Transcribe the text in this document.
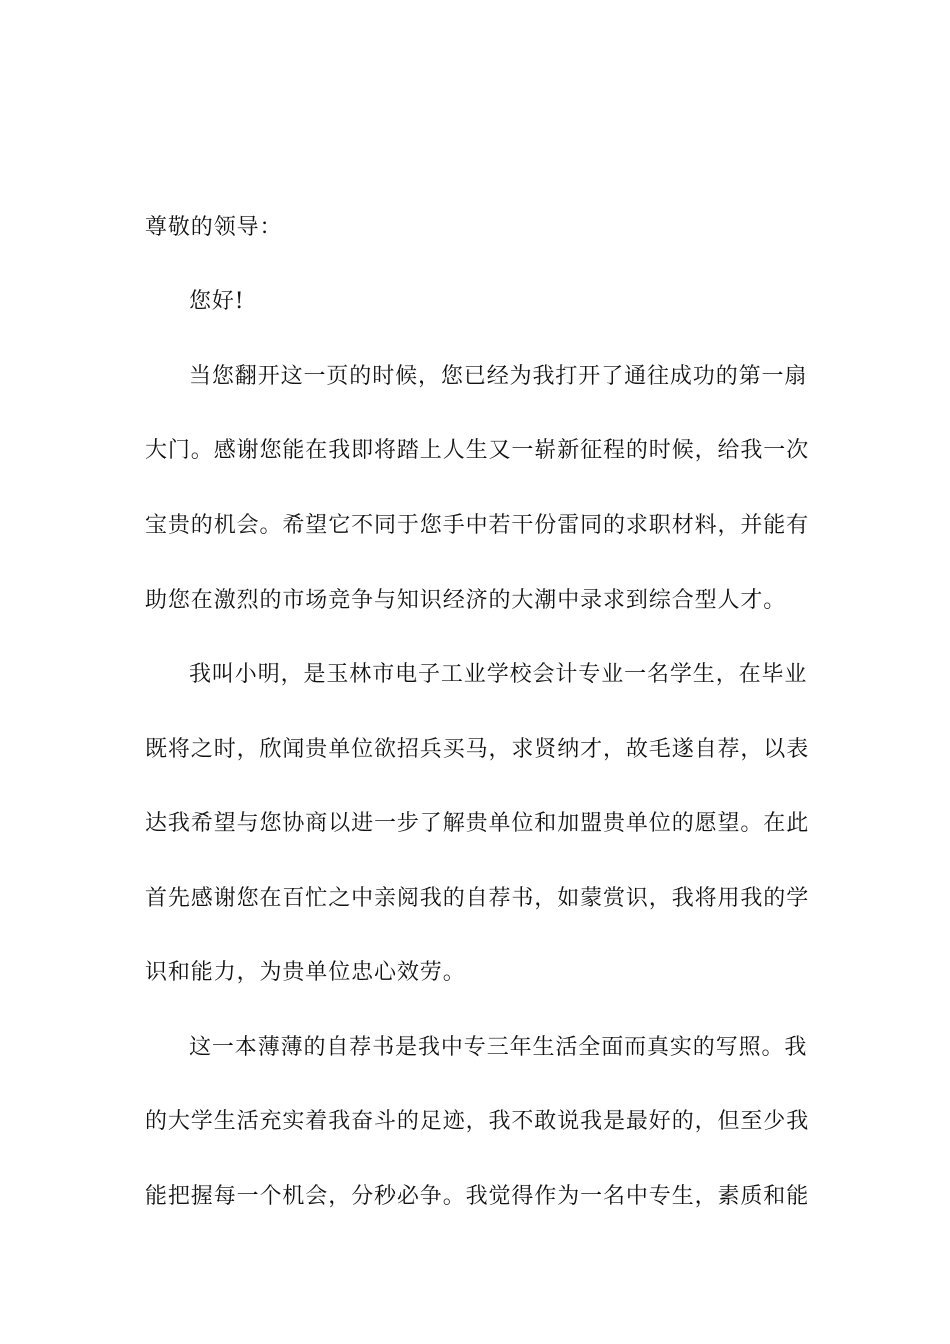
尊敬的领导：
您好!
当您翻开这一页的时候，您已经为我打开了通往成功的第一扇
大门。感谢您能在我即将踏上人生又一崭新征程的时候，给我一次
宝贵的机会。希望它不同于您手中若干份雷同的求职材料，并能有
助您在激烈的市场竞争与知识经济的大潮中录求到综合型人才。
我叫小明，是玉林市电子工业学校会计专业一名学生，在毕业
既将之时，欣闻贵单位欲招兵买马，求贤纳才，故毛遂自荐，以表
达我希望与您协商以进一步了解贵单位和加盟贵单位的愿望。在此
首先感谢您在百忙之中亲阅我的自荐书，如蒙赏识，我将用我的学
识和能力，为贵单位忠心效劳。
这一本薄薄的自荐书是我中专三年生活全面而真实的写照。我
的大学生活充实着我奋斗的足迹，我不敢说我是最好的，但至少我
能把握每一个机会，分秒必争。我觉得作为一名中专生，素质和能
